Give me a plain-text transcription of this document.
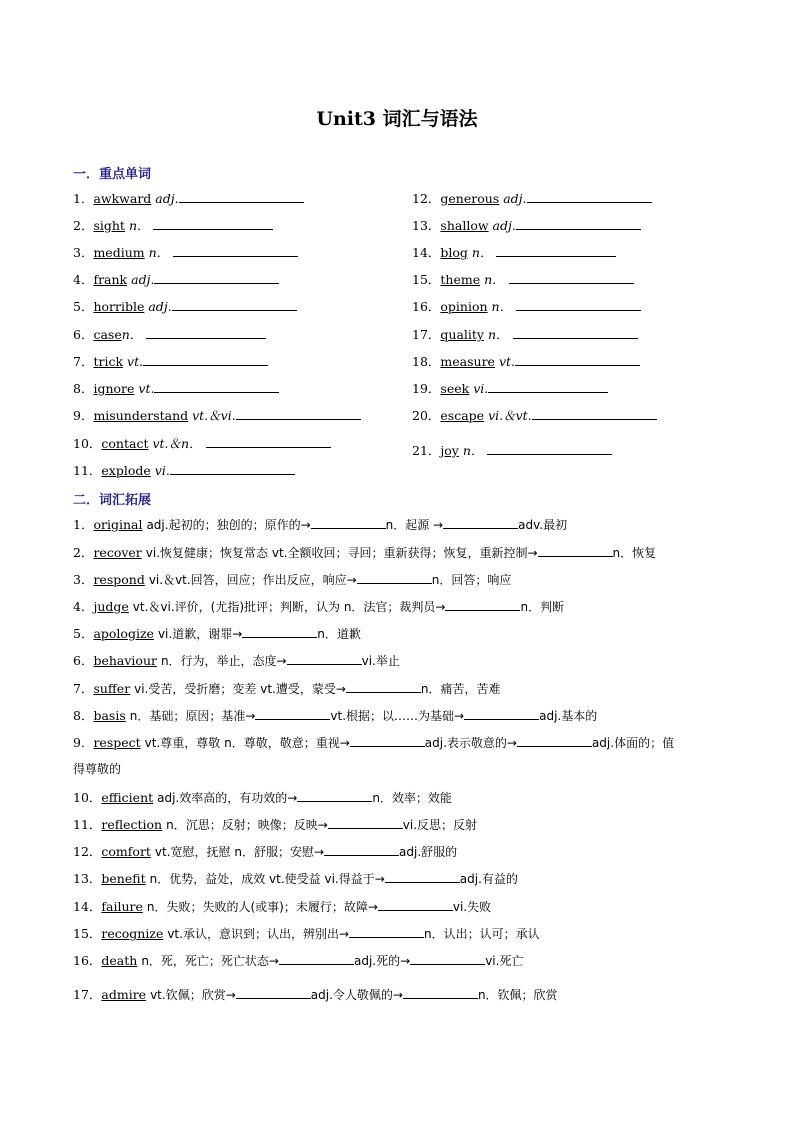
Unit3 词汇与语法
一．重点单词
1．awkward adj.
2．sight n．
3．medium n．
4．frank adj.
5．horrible adj.
6．casen．
7．trick vt.
8．ignore vt.
9．misunderstand vt.＆vi.
10．contact vt.＆n．
11．explode vi.
12．generous adj.
13．shallow adj.
14．blog n．
15．theme n．
16．opinion n．
17．quality n．
18．measure vt.
19．seek vi.
20．escape vi.＆vt.
21．joy n．
二．词汇拓展
1．original adj.起初的；独创的；原作的→	n．起源 →	adv.最初
2．recover vi.恢复健康；恢复常态 vt.全额收回；寻回；重新获得；恢复，重新控制→	n．恢复
3．respond vi.＆vt.回答，回应；作出反应，响应→	n．回答；响应
4．judge vt.＆vi.评价，(尤指)批评；判断，认为 n．法官；裁判员→	n．判断
5．apologize vi.道歉，谢罪→	n．道歉
6．behaviour n．行为，举止，态度→	vi.举止
7．suffer vi.受苦，受折磨；变差 vt.遭受，蒙受→	n．痛苦，苦难
8．basis n．基础；原因；基准→	vt.根据；以……为基础→	adj.基本的
9．respect vt.尊重，尊敬 n．尊敬，敬意；重视→	adj.表示敬意的→	adj.体面的；值
得尊敬的
10．efficient adj.效率高的，有功效的→	n．效率；效能
11．reflection n．沉思；反射；映像；反映→	vi.反思；反射
12．comfort vt.宽慰，抚慰 n．舒服；安慰→	adj.舒服的
13．benefit n．优势，益处，成效 vt.使受益 vi.得益于→	adj.有益的
14．failure n．失败；失败的人(或事)；未履行；故障→	vi.失败
15．recognize vt.承认，意识到；认出，辨别出→	n．认出；认可；承认
16．death n．死，死亡；死亡状态→	adj.死的→	vi.死亡
17．admire vt.钦佩；欣赏→	adj.令人敬佩的→	n．钦佩；欣赏
